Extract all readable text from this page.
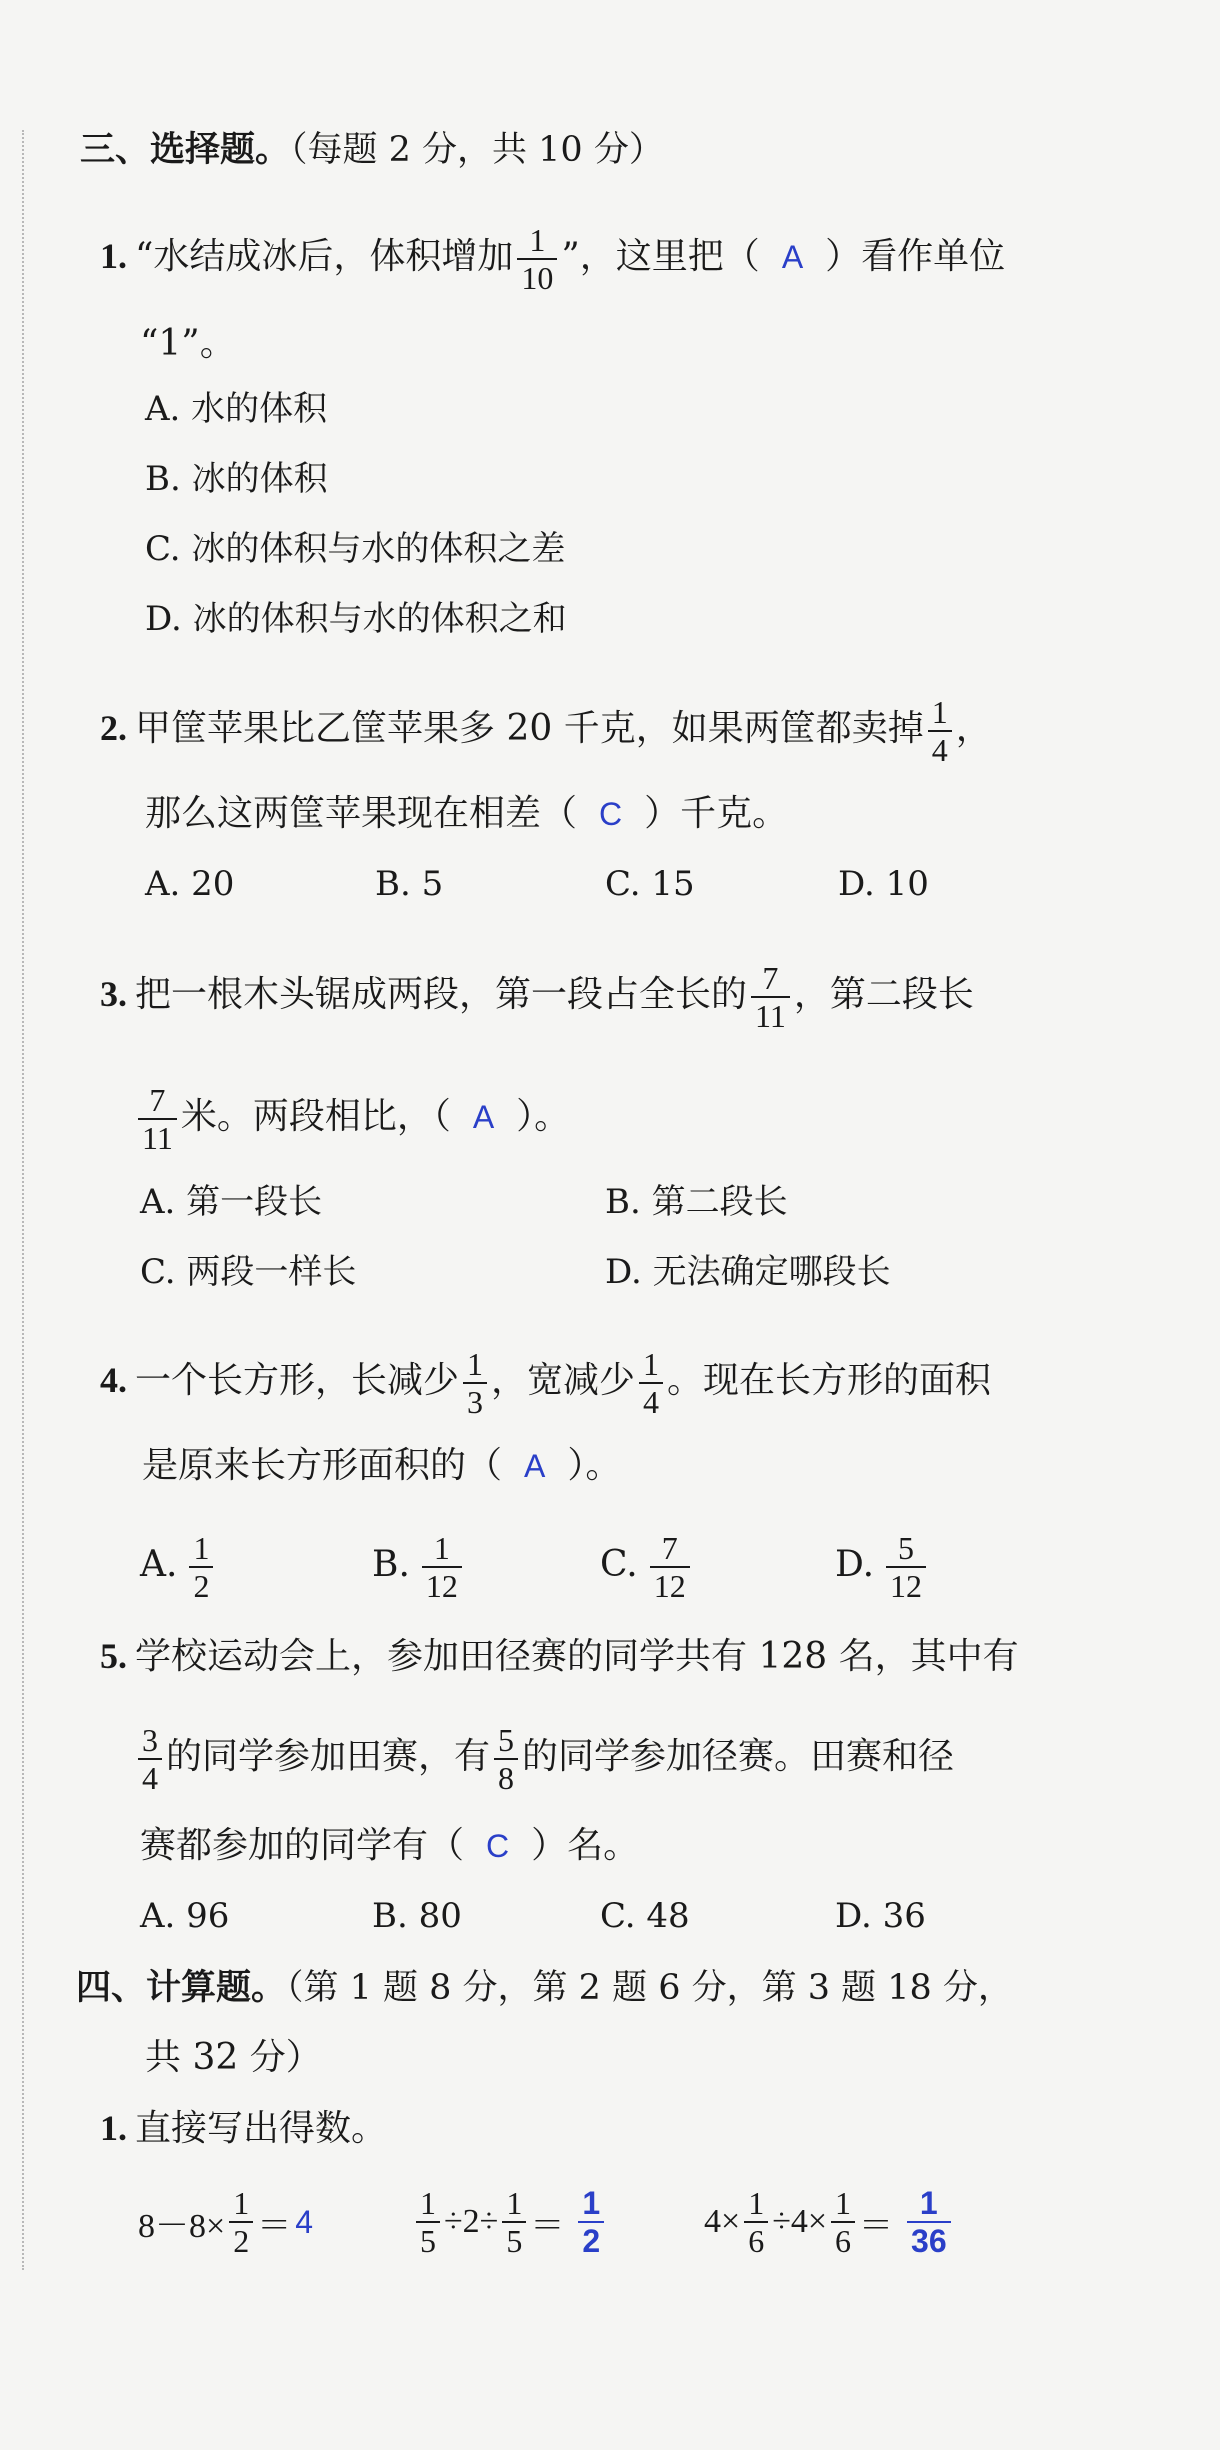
三、选择题。（每题 2 分，共 10 分）
1. “水结成冰后，体积增加 $\frac{1}{10}$ ”，这里把（ A ）看作单位
“1”。
A. 水的体积
B. 冰的体积
C. 冰的体积与水的体积之差
D. 冰的体积与水的体积之和
2. 甲筐苹果比乙筐苹果多 20 千克，如果两筐都卖掉 $\frac{1}{4}$ ，
那么这两筐苹果现在相差（ C ）千克。
A. 20	B. 5	C. 15	D. 10
3. 把一根木头锯成两段，第一段占全长的 $\frac{7}{11}$ ，第二段长
$\frac{7}{11}$ 米。两段相比，（ A ）。
A. 第一段长	B. 第二段长
C. 两段一样长	D. 无法确定哪段长
4. 一个长方形，长减少 $\frac{1}{3}$ ，宽减少 $\frac{1}{4}$ 。现在长方形的面积
是原来长方形面积的（ A ）。
A. $\frac{1}{2}$	B. $\frac{1}{12}$	C. $\frac{7}{12}$	D. $\frac{5}{12}$
5. 学校运动会上，参加田径赛的同学共有 128 名，其中有
$\frac{3}{4}$ 的同学参加田赛，有 $\frac{5}{8}$ 的同学参加径赛。田赛和径
赛都参加的同学有（ C ）名。
A. 96	B. 80	C. 48	D. 36
四、计算题。（第 1 题 8 分，第 2 题 6 分，第 3 题 18 分，
共 32 分）
1. 直接写出得数。
$8-8\times \frac{1}{2} = 4$	$\frac{1}{5} \div 2\div \frac{1}{5} = \frac{1}{2}$	$4\times \frac{1}{6} \div 4\times \frac{1}{6} = \frac{1}{36}$
